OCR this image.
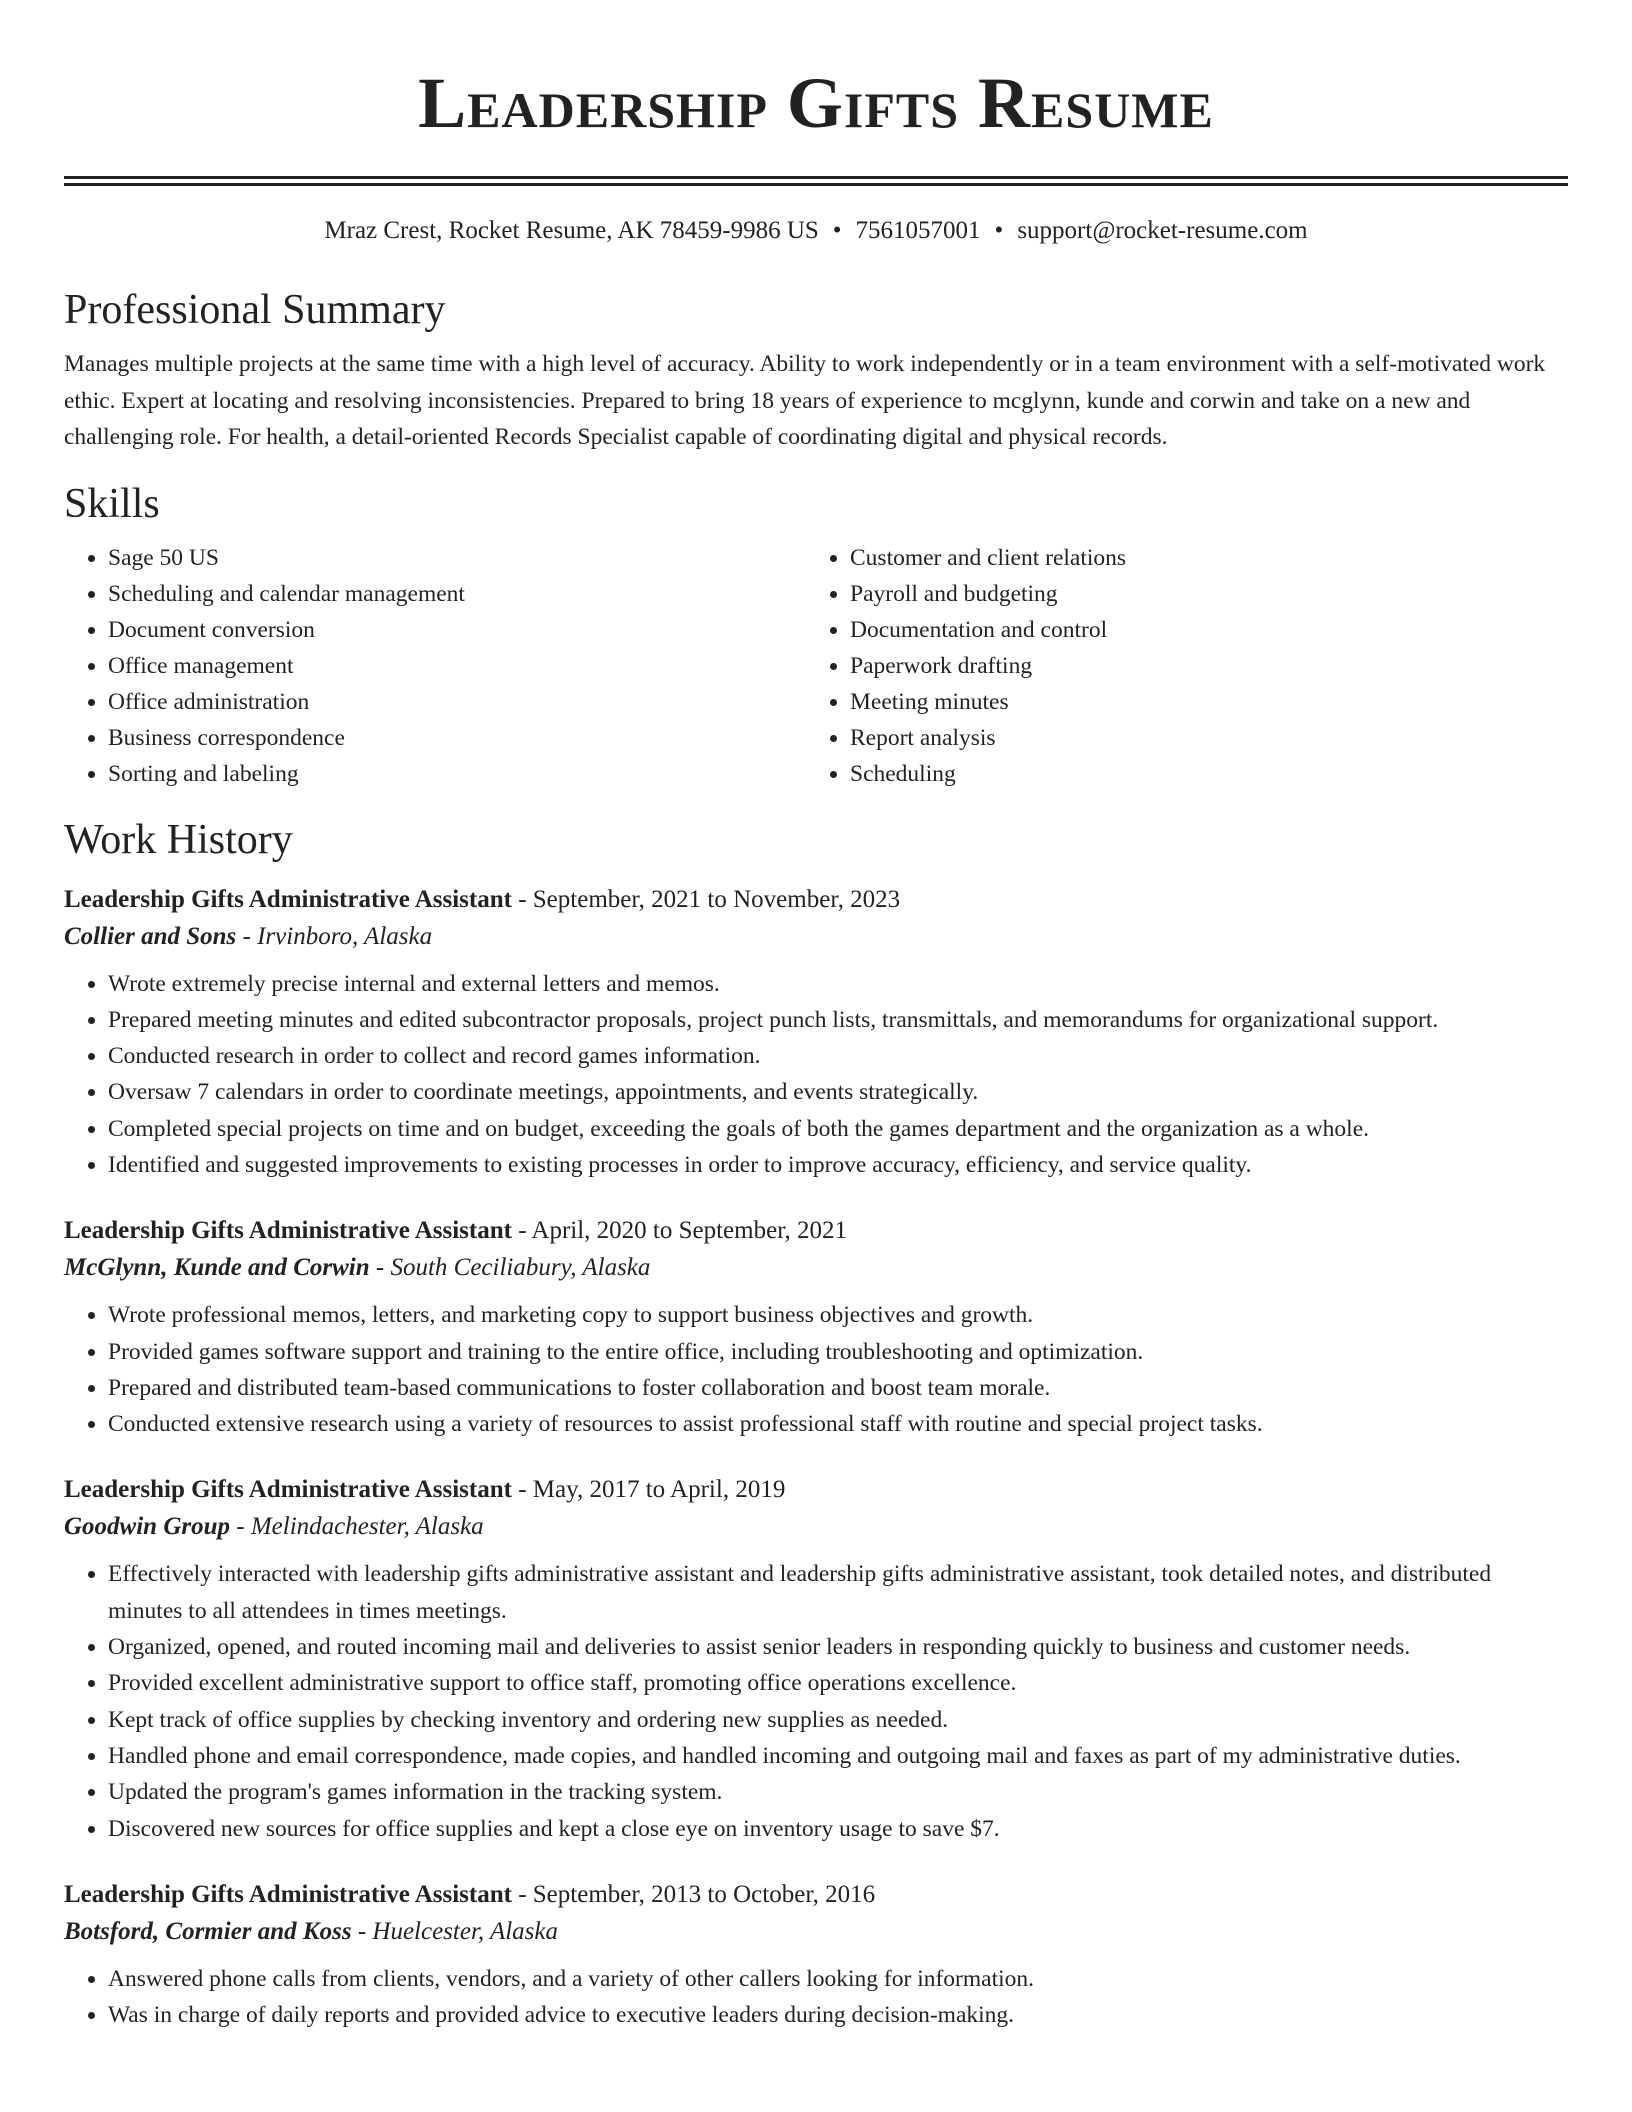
Leadership Gifts Resume
Mraz Crest, Rocket Resume, AK 78459-9986 US • 7561057001 • support@rocket-resume.com
Professional Summary

Manages multiple projects at the same time with a high level of accuracy. Ability to work independently or in a team environment with a self-motivated work ethic. Expert at locating and resolving inconsistencies. Prepared to bring 18 years of experience to mcglynn, kunde and corwin and take on a new and challenging role. For health, a detail-oriented Records Specialist capable of coordinating digital and physical records.

Skills
• Sage 50 US
• Scheduling and calendar management
• Document conversion
• Office management
• Office administration
• Business correspondence
• Sorting and labeling
• Customer and client relations
• Payroll and budgeting
• Documentation and control
• Paperwork drafting
• Meeting minutes
• Report analysis
• Scheduling
Work History
Leadership Gifts Administrative Assistant - September, 2021 to November, 2023
Collier and Sons - Irvinboro, Alaska
• Wrote extremely precise internal and external letters and memos.
• Prepared meeting minutes and edited subcontractor proposals, project punch lists, transmittals, and memorandums for organizational support.
• Conducted research in order to collect and record games information.
• Oversaw 7 calendars in order to coordinate meetings, appointments, and events strategically.
• Completed special projects on time and on budget, exceeding the goals of both the games department and the organization as a whole.
• Identified and suggested improvements to existing processes in order to improve accuracy, efficiency, and service quality.
Leadership Gifts Administrative Assistant - April, 2020 to September, 2021
McGlynn, Kunde and Corwin - South Ceciliabury, Alaska
• Wrote professional memos, letters, and marketing copy to support business objectives and growth.
• Provided games software support and training to the entire office, including troubleshooting and optimization.
• Prepared and distributed team-based communications to foster collaboration and boost team morale.
• Conducted extensive research using a variety of resources to assist professional staff with routine and special project tasks.
Leadership Gifts Administrative Assistant - May, 2017 to April, 2019
Goodwin Group - Melindachester, Alaska
• Effectively interacted with leadership gifts administrative assistant and leadership gifts administrative assistant, took detailed notes, and distributed minutes to all attendees in times meetings.
• Organized, opened, and routed incoming mail and deliveries to assist senior leaders in responding quickly to business and customer needs.
• Provided excellent administrative support to office staff, promoting office operations excellence.
• Kept track of office supplies by checking inventory and ordering new supplies as needed.
• Handled phone and email correspondence, made copies, and handled incoming and outgoing mail and faxes as part of my administrative duties.
• Updated the program's games information in the tracking system.
• Discovered new sources for office supplies and kept a close eye on inventory usage to save $7.
Leadership Gifts Administrative Assistant - September, 2013 to October, 2016
Botsford, Cormier and Koss - Huelcester, Alaska
• Answered phone calls from clients, vendors, and a variety of other callers looking for information.
• Was in charge of daily reports and provided advice to executive leaders during decision-making.
